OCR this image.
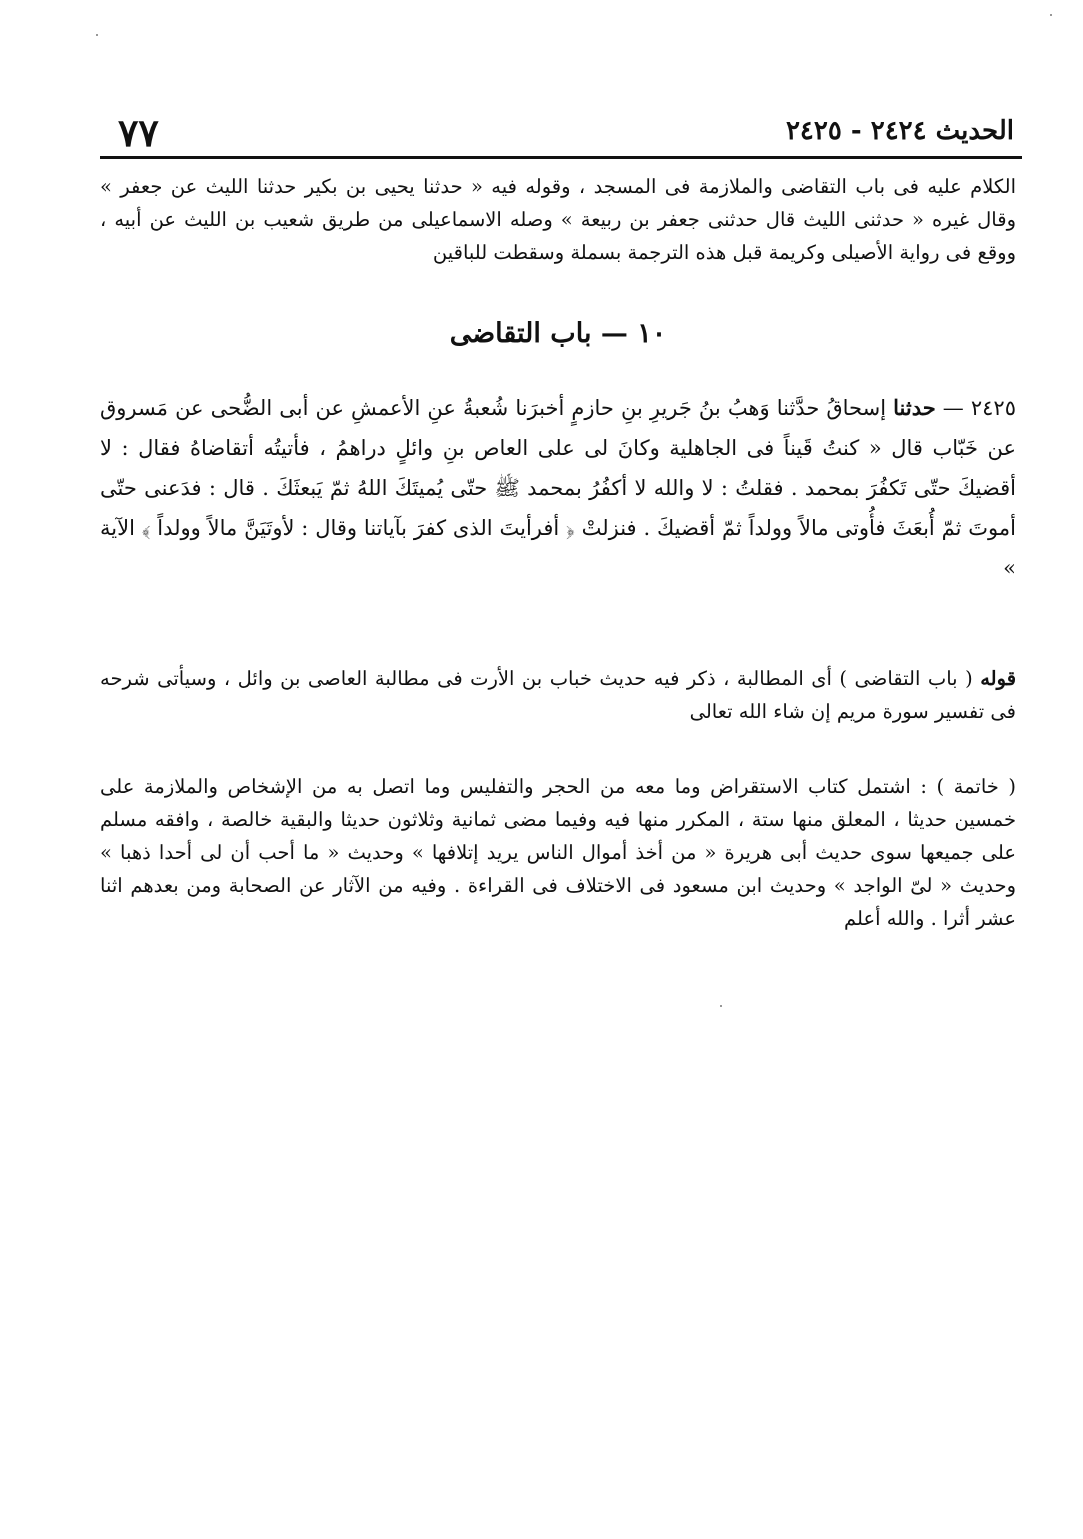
٧٧	الحديث ٢٤٢٤ - ٢٤٢٥

الكلام عليه فى باب التقاضى والملازمة فى المسجد ، وقوله فيه « حدثنا يحيى بن بكير حدثنا الليث عن جعفر » وقال غيره « حدثنى الليث قال حدثنى جعفر بن ربيعة » وصله الاسماعيلى من طريق شعيب بن الليث عن أبيه ، ووقع فى رواية الأصيلى وكريمة قبل هذه الترجمة بسملة وسقطت للباقين

١٠ — باب التقاضى

٢٤٢٥ — حدثنا إسحاقُ حدَّثنا وَهبُ بنُ جَريرِ بنِ حازمٍ أخبرَنا شُعبةُ عنِ الأعمشِ عن أبى الضُّحى عن مَسروق عن خَبّاب قال « كنتُ قَيناً فى الجاهلية وكانَ لى على العاص بنِ وائلٍ دراهمُ ، فأتيتُه أتقاضاهُ فقال : لا أقضيكَ حتّى تَكفُرَ بمحمد . فقلتُ : لا والله لا أكفُرُ بمحمد ﷺ حتّى يُميتَكَ اللهُ ثمّ يَبعثَكَ . قال : فدَعنى حتّى أموتَ ثمّ أُبعَثَ فأُوتى مالاً وولداً ثمّ أقضيكَ . فنزلتْ ﴿ أفرأيتَ الذى كفرَ بآياتنا وقال : لأوتَيَنَّ مالاً وولداً ﴾ الآية »

قوله ( باب التقاضى ) أى المطالبة ، ذكر فيه حديث خباب بن الأرت فى مطالبة العاصى بن وائل ، وسيأتى شرحه فى تفسير سورة مريم إن شاء الله تعالى

( خاتمة ) : اشتمل كتاب الاستقراض وما معه من الحجر والتفليس وما اتصل به من الإشخاص والملازمة على خمسين حديثا ، المعلق منها ستة ، المكرر منها فيه وفيما مضى ثمانية وثلاثون حديثا والبقية خالصة ، وافقه مسلم على جميعها سوى حديث أبى هريرة « من أخذ أموال الناس يريد إتلافها » وحديث « ما أحب أن لى أحدا ذهبا » وحديث « لىّ الواجد » وحديث ابن مسعود فى الاختلاف فى القراءة . وفيه من الآثار عن الصحابة ومن بعدهم اثنا عشر أثرا . والله أعلم
